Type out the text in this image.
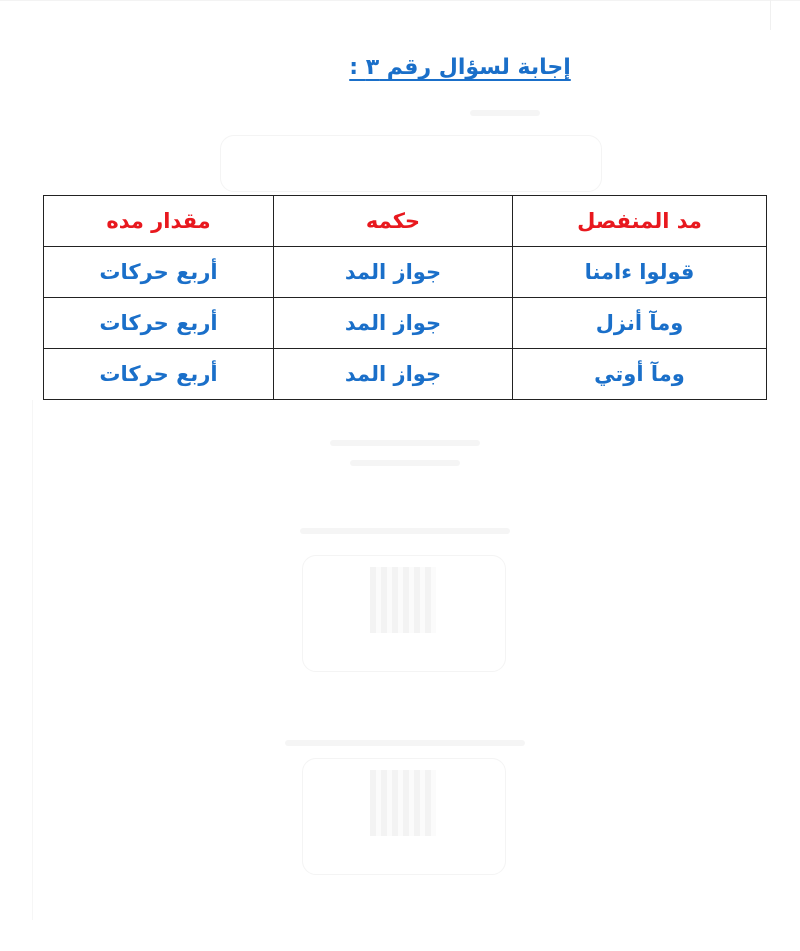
إجابة لسؤال رقم ٣ :
مد المنفصل	حكمه	مقدار مده
قولوا ءامنا	جواز المد	أربع حركات
ومآ أنزل	جواز المد	أربع حركات
ومآ أوتي	جواز المد	أربع حركات
